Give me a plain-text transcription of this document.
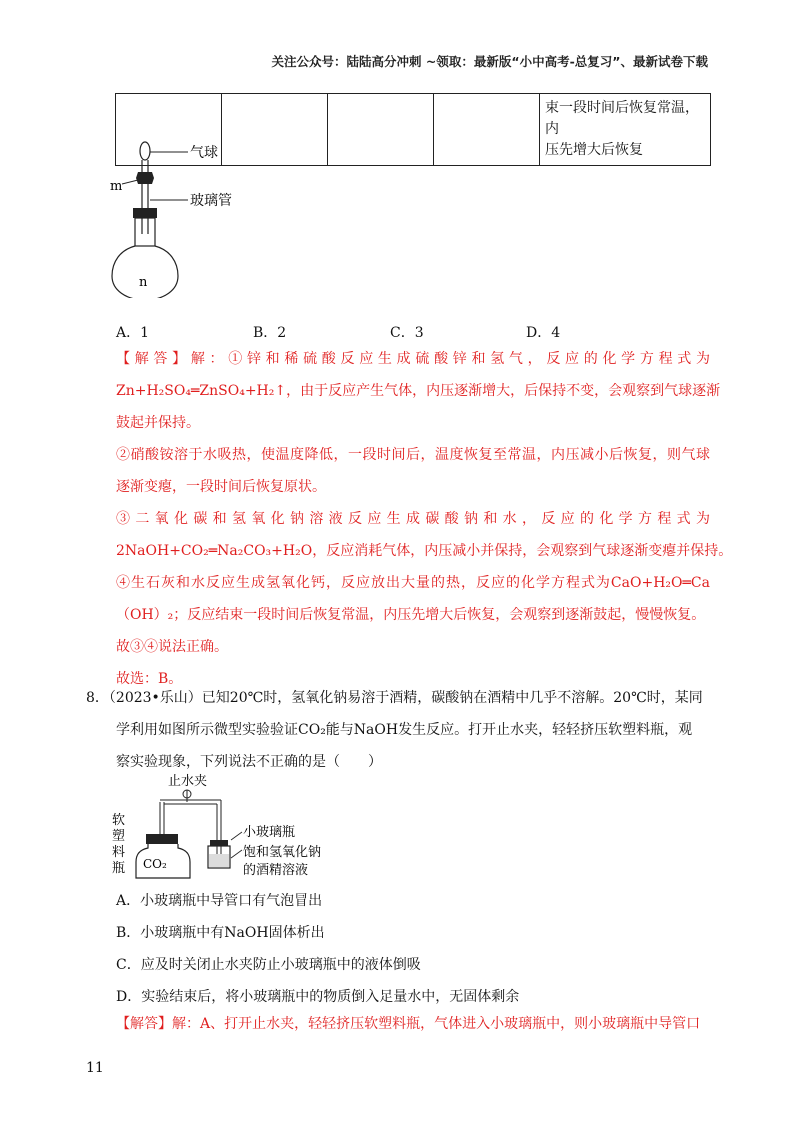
关注公众号：陆陆高分冲刺 ~领取：最新版“小中高考-总复习”、最新试卷下载

束一段时间后恢复常温，内
压先增大后恢复
气球
m
玻璃管
n
A．1	B．2	C．3	D．4
【解答】解：①锌和稀硫酸反应生成硫酸锌和氢气，反应的化学方程式为
Zn+H₂SO₄═ZnSO₄+H₂↑，由于反应产生气体，内压逐渐增大，后保持不变，会观察到气球逐渐
鼓起并保持。
②硝酸铵溶于水吸热，使温度降低，一段时间后，温度恢复至常温，内压减小后恢复，则气球
逐渐变瘪，一段时间后恢复原状。
③二氧化碳和氢氧化钠溶液反应生成碳酸钠和水，反应的化学方程式为
2NaOH+CO₂═Na₂CO₃+H₂O，反应消耗气体，内压减小并保持，会观察到气球逐渐变瘪并保持。
④生石灰和水反应生成氢氧化钙，反应放出大量的热，反应的化学方程式为CaO+H₂O═Ca
（OH）₂；反应结束一段时间后恢复常温，内压先增大后恢复，会观察到逐渐鼓起，慢慢恢复。
故③④说法正确。
故选：B。
8．（2023•乐山）已知20℃时，氢氧化钠易溶于酒精，碳酸钠在酒精中几乎不溶解。20℃时，某同
学利用如图所示微型实验验证CO₂能与NaOH发生反应。打开止水夹，轻轻挤压软塑料瓶，观
察实验现象，下列说法不正确的是（　　）
止水夹
CO₂
软
塑
料
瓶
小玻璃瓶
饱和氢氧化钠
的酒精溶液
A．小玻璃瓶中导管口有气泡冒出
B．小玻璃瓶中有NaOH固体析出
C．应及时关闭止水夹防止小玻璃瓶中的液体倒吸
D．实验结束后，将小玻璃瓶中的物质倒入足量水中，无固体剩余
【解答】解：A、打开止水夹，轻轻挤压软塑料瓶，气体进入小玻璃瓶中，则小玻璃瓶中导管口
11
